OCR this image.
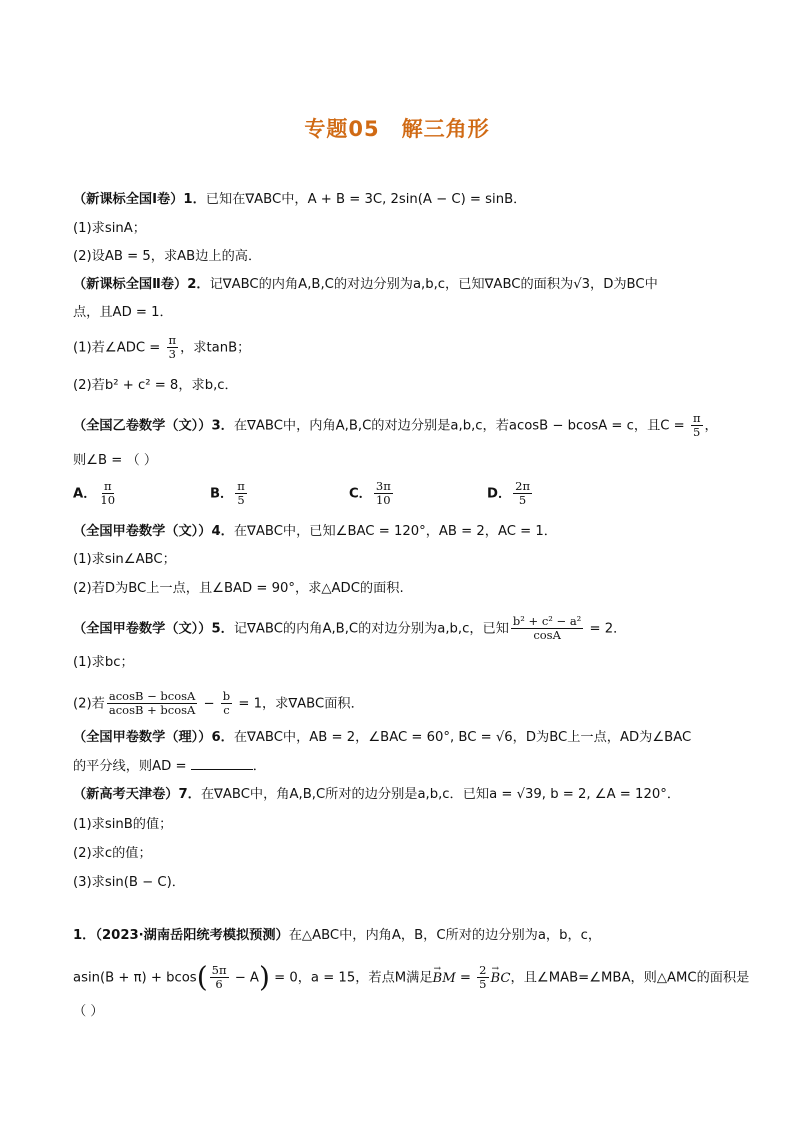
专题05 解三角形
（新课标全国Ⅰ卷）1．已知在∇ABC中，A + B = 3C, 2sin(A − C) = sinB．
(1)求sinA；
(2)设AB = 5，求AB边上的高．
（新课标全国Ⅱ卷）2．记∇ABC的内角A,B,C的对边分别为a,b,c，已知∇ABC的面积为√3，D为BC中
点，且AD = 1．
(1)若∠ADC = $\frac{\pi}{3}$ ，求tanB；
(2)若b² + c² = 8，求b,c．
（全国乙卷数学（文））3．在∇ABC中，内角A,B,C的对边分别是a,b,c，若acosB − bcosA = c，且$C = \frac{\pi}{5}$ ，
则∠B = （ ）
A． $\frac{\pi}{10}$	B． $\frac{\pi}{5}$	C． $\frac{3\pi}{10}$	D． $\frac{2\pi}{5}$
（全国甲卷数学（文））4．在∇ABC中，已知∠BAC = 120°，AB = 2，AC = 1．
(1)求sin∠ABC；
(2)若D为BC上一点，且∠BAD = 90°，求△ADC的面积.
（全国甲卷数学（文））5．记∇ABC的内角A,B,C的对边分别为a,b,c，已知 $\frac{\text{b² + c² − a²}}{\cos A} = 2$．
(1)求bc；
(2)若 $\frac{acosB - bcosA}{acosB + bcosA} - \frac{b}{c} = 1$，求∇ABC面积．
（全国甲卷数学（理））6．在∇ABC中，AB = 2，∠BAC = 60°, BC = √6，D为BC上一点，AD为∠BAC
的平分线，则AD =	．
（新高考天津卷）7．在∇ABC中，角A,B,C所对的边分别是a,b,c．已知a = √39, b = 2, ∠A = 120°．
(1)求sinB的值；
(2)求c的值；
(3)求sin(B − C)．
1．（2023·湖南岳阳统考模拟预测）在△ABC中，内角A，B，C所对的边分别为a，b，c，
$asin(B + \pi) + bcos( \frac{5\pi}{6} - A) = 0$，a = 15，若点M满足→ BM = $\frac{2}{5}$
→ BC，且∠MAB=∠MBA，则△AMC的面积是
（ ）
